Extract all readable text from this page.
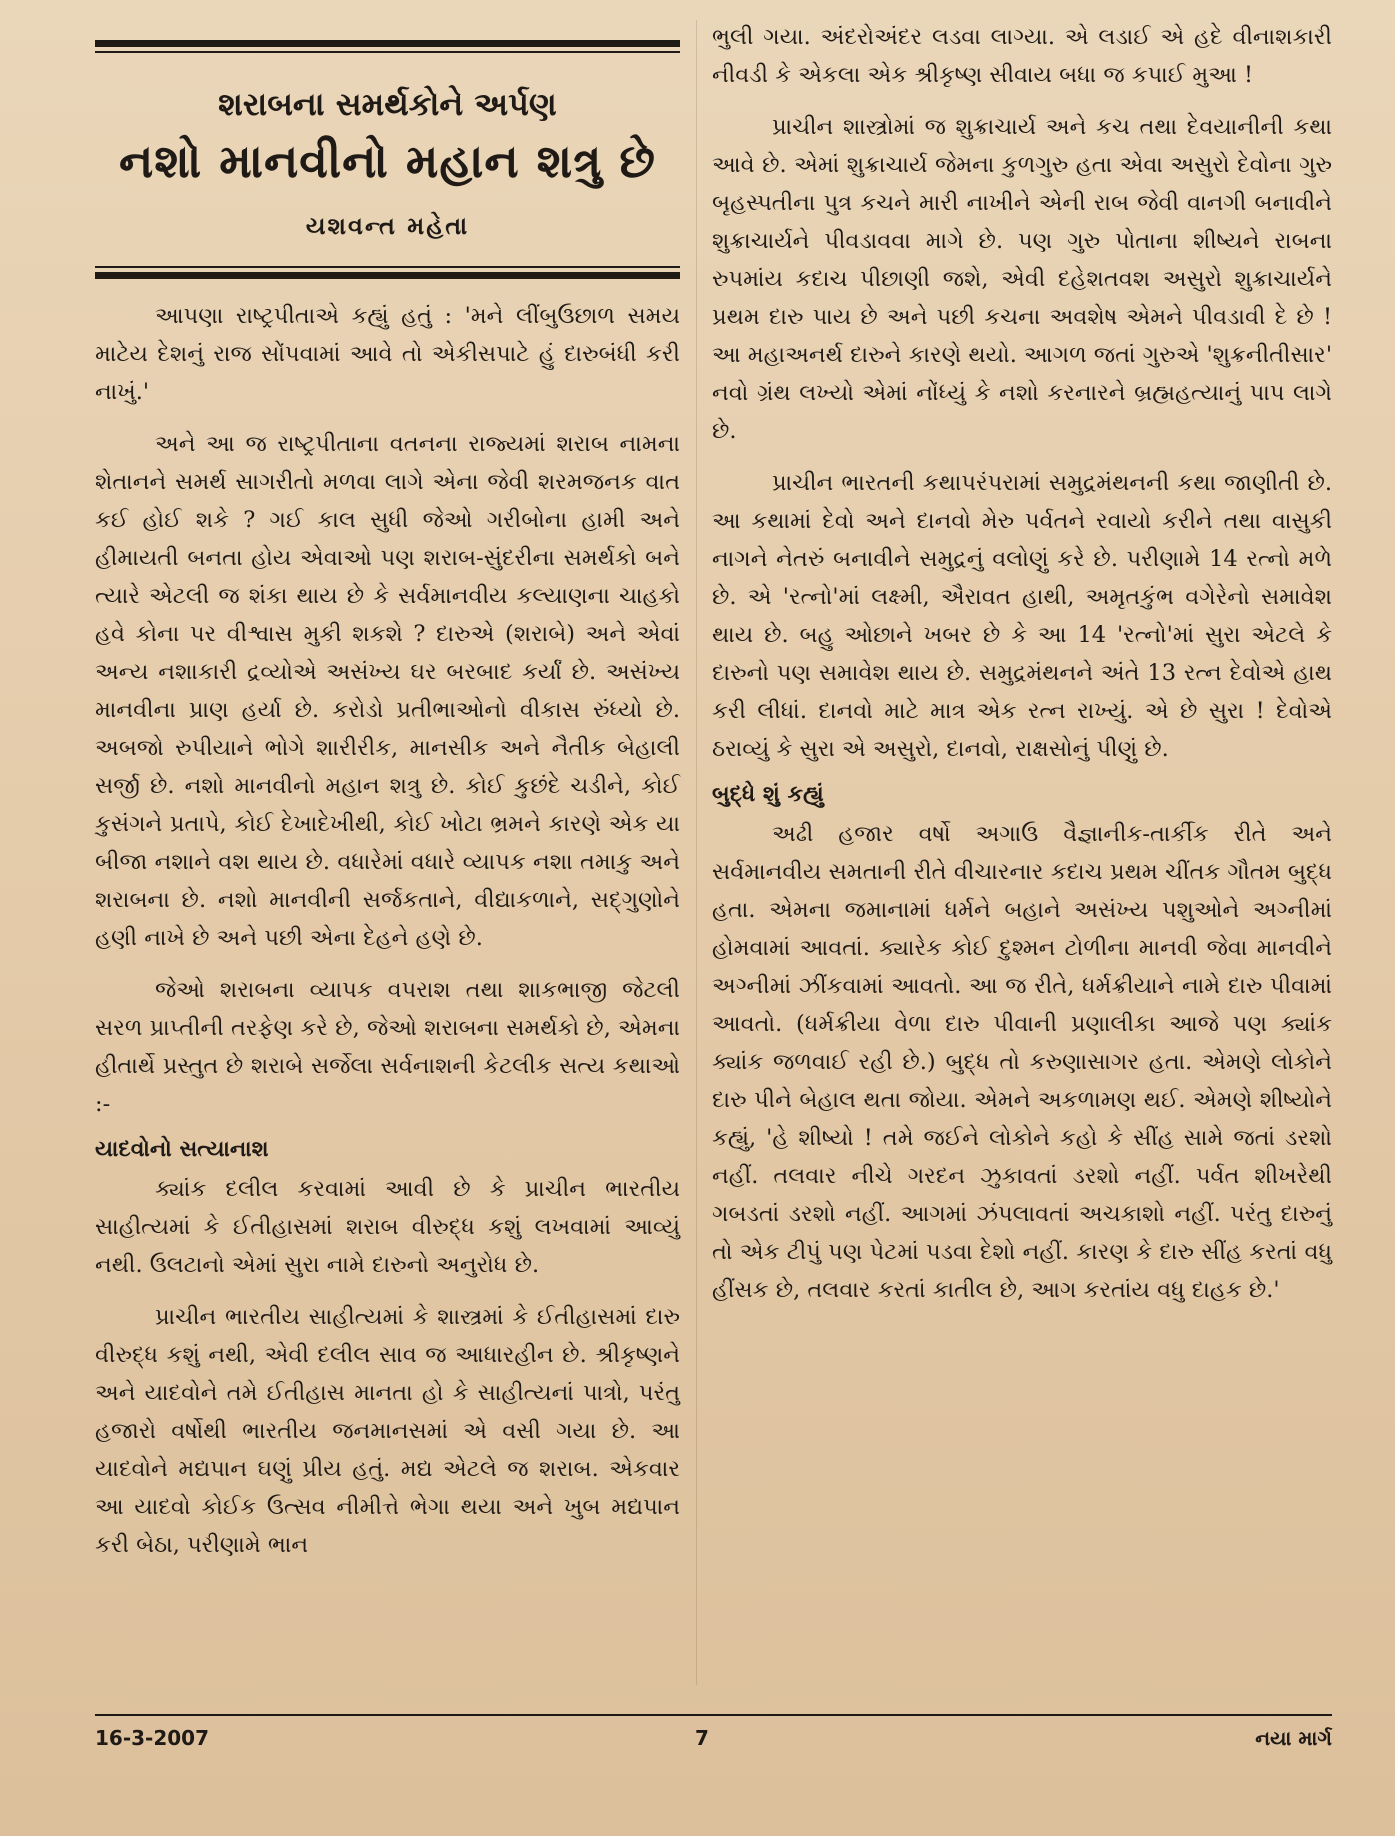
શરાબના સમર્થકોને અર્પણ
નશો માનવીનો મહાન શત્રુ છે
યશવન્ત મહેતા

આપણા રાષ્ટ્રપીતાએ કહ્યું હતું : 'મને લીંબુઉછાળ સમય માટેય દેશનું રાજ સોંપવામાં આવે તો એકીસપાટે હું દારુબંધી કરી નાખું.'

અને આ જ રાષ્ટ્રપીતાના વતનના રાજ્યમાં શરાબ નામના શેતાનને સમર્થ સાગરીતો મળવા લાગે એના જેવી શરમજનક વાત કઈ હોઈ શકે ? ગઈ કાલ સુધી જેઓ ગરીબોના હામી અને હીમાયતી બનતા હોય એવાઓ પણ શરાબ-સુંદરીના સમર્થકો બને ત્યારે એટલી જ શંકા થાય છે કે સર્વમાનવીય કલ્યાણના ચાહકો હવે કોના પર વીશ્વાસ મુકી શકશે ? દારુએ (શરાબે) અને એવાં અન્ય નશાકારી દ્રવ્યોએ અસંખ્ય ઘર બરબાદ કર્યાં છે. અસંખ્ય માનવીના પ્રાણ હર્યા છે. કરોડો પ્રતીભાઓનો વીકાસ રુંધ્યો છે. અબજો રુપીયાને ભોગે શારીરીક, માનસીક અને નૈતીક બેહાલી સર્જી છે. નશો માનવીનો મહાન શત્રુ છે. કોઈ કુછંદે ચડીને, કોઈ કુસંગને પ્રતાપે, કોઈ દેખાદેખીથી, કોઈ ખોટા ભ્રમને કારણે એક યા બીજા નશાને વશ થાય છે. વધારેમાં વધારે વ્યાપક નશા તમાકુ અને શરાબના છે. નશો માનવીની સર્જકતાને, વીદ્યાકળાને, સદ્‌ગુણોને હણી નાખે છે અને પછી એના દેહને હણે છે.

જેઓ શરાબના વ્યાપક વપરાશ તથા શાકભાજી જેટલી સરળ પ્રાપ્તીની તરફેણ કરે છે, જેઓ શરાબના સમર્થકો છે, એમના હીતાર્થે પ્રસ્તુત છે શરાબે સર્જેલા સર્વનાશની કેટલીક સત્ય કથાઓ :-

યાદવોનો સત્યાનાશ

ક્યાંક દલીલ કરવામાં આવી છે કે પ્રાચીન ભારતીય સાહીત્યમાં કે ઈતીહાસમાં શરાબ વીરુદ્ધ કશું લખવામાં આવ્યું નથી. ઉલટાનો એમાં સુરા નામે દારુનો અનુરોધ છે.

પ્રાચીન ભારતીય સાહીત્યમાં કે શાસ્ત્રમાં કે ઈતીહાસમાં દારુ વીરુદ્ધ કશું નથી, એવી દલીલ સાવ જ આધારહીન છે. શ્રીકૃષ્ણને અને યાદવોને તમે ઈતીહાસ માનતા હો કે સાહીત્યનાં પાત્રો, પરંતુ હજારો વર્ષોથી ભારતીય જનમાનસમાં એ વસી ગયા છે. આ યાદવોને મદ્યપાન ઘણું પ્રીય હતું. મદ્ય એટલે જ શરાબ. એકવાર આ યાદવો કોઈક ઉત્સવ નીમીત્તે ભેગા થયા અને ખુબ મદ્યપાન કરી બેઠા, પરીણામે ભાન

ભુલી ગયા. અંદરોઅંદર લડવા લાગ્યા. એ લડાઈ એ હદે વીનાશકારી નીવડી કે એકલા એક શ્રીકૃષ્ણ સીવાય બધા જ કપાઈ મુઆ !

પ્રાચીન શાસ્ત્રોમાં જ શુક્રાચાર્ય અને કચ તથા દેવયાનીની કથા આવે છે. એમાં શુક્રાચાર્ય જેમના કુળગુરુ હતા એવા અસુરો દેવોના ગુરુ બૃહસ્પતીના પુત્ર કચને મારી નાખીને એની રાબ જેવી વાનગી બનાવીને શુક્રાચાર્યને પીવડાવવા માગે છે. પણ ગુરુ પોતાના શીષ્યને રાબના રુપમાંય કદાચ પીછાણી જશે, એવી દહેશતવશ અસુરો શુક્રાચાર્યને પ્રથમ દારુ પાય છે અને પછી કચના અવશેષ એમને પીવડાવી દે છે ! આ મહાઅનર્થ દારુને કારણે થયો. આગળ જતાં ગુરુએ 'શુક્રનીતીસાર' નવો ગ્રંથ લખ્યો એમાં નોંધ્યું કે નશો કરનારને બ્રહ્મહત્યાનું પાપ લાગે છે.

પ્રાચીન ભારતની કથાપરંપરામાં સમુદ્રમંથનની કથા જાણીતી છે. આ કથામાં દેવો અને દાનવો મેરુ પર્વતને રવાયો કરીને તથા વાસુકી નાગને નેતરું બનાવીને સમુદ્રનું વલોણું કરે છે. પરીણામે 14 રત્નો મળે છે. એ 'રત્નો'માં લક્ષ્મી, ઐરાવત હાથી, અમૃતકુંભ વગેરેનો સમાવેશ થાય છે. બહુ ઓછાને ખબર છે કે આ 14 'રત્નો'માં સુરા એટલે કે દારુનો પણ સમાવેશ થાય છે. સમુદ્રમંથનને અંતે 13 રત્ન દેવોએ હાથ કરી લીધાં. દાનવો માટે માત્ર એક રત્ન રાખ્યું. એ છે સુરા ! દેવોએ ઠરાવ્યું કે સુરા એ અસુરો, દાનવો, રાક્ષસોનું પીણું છે.

બુદ્ધે શું કહ્યું

અઢી હજાર વર્ષો અગાઉ વૈજ્ઞાનીક-તાર્કીક રીતે અને સર્વમાનવીય સમતાની રીતે વીચારનાર કદાચ પ્રથમ ચીંતક ગૌતમ બુદ્ધ હતા. એમના જમાનામાં ધર્મને બહાને અસંખ્ય પશુઓને અગ્નીમાં હોમવામાં આવતાં. ક્યારેક કોઈ દુશ્મન ટોળીના માનવી જેવા માનવીને અગ્નીમાં ઝીંકવામાં આવતો. આ જ રીતે, ધર્મક્રીયાને નામે દારુ પીવામાં આવતો. (ધર્મક્રીયા વેળા દારુ પીવાની પ્રણાલીકા આજે પણ ક્યાંક ક્યાંક જળવાઈ રહી છે.) બુદ્ધ તો કરુણાસાગર હતા. એમણે લોકોને દારુ પીને બેહાલ થતા જોયા. એમને અકળામણ થઈ. એમણે શીષ્યોને કહ્યું, 'હે શીષ્યો ! તમે જઈને લોકોને કહો કે સીંહ સામે જતાં ડરશો નહીં. તલવાર નીચે ગરદન ઝુકાવતાં ડરશો નહીં. પર્વત શીખરેથી ગબડતાં ડરશો નહીં. આગમાં ઝંપલાવતાં અચકાશો નહીં. પરંતુ દારુનું તો એક ટીપું પણ પેટમાં પડવા દેશો નહીં. કારણ કે દારુ સીંહ કરતાં વધુ હીંસક છે, તલવાર કરતાં કાતીલ છે, આગ કરતાંય વધુ દાહક છે.'

16-3-2007	7	નયા માર્ગ
